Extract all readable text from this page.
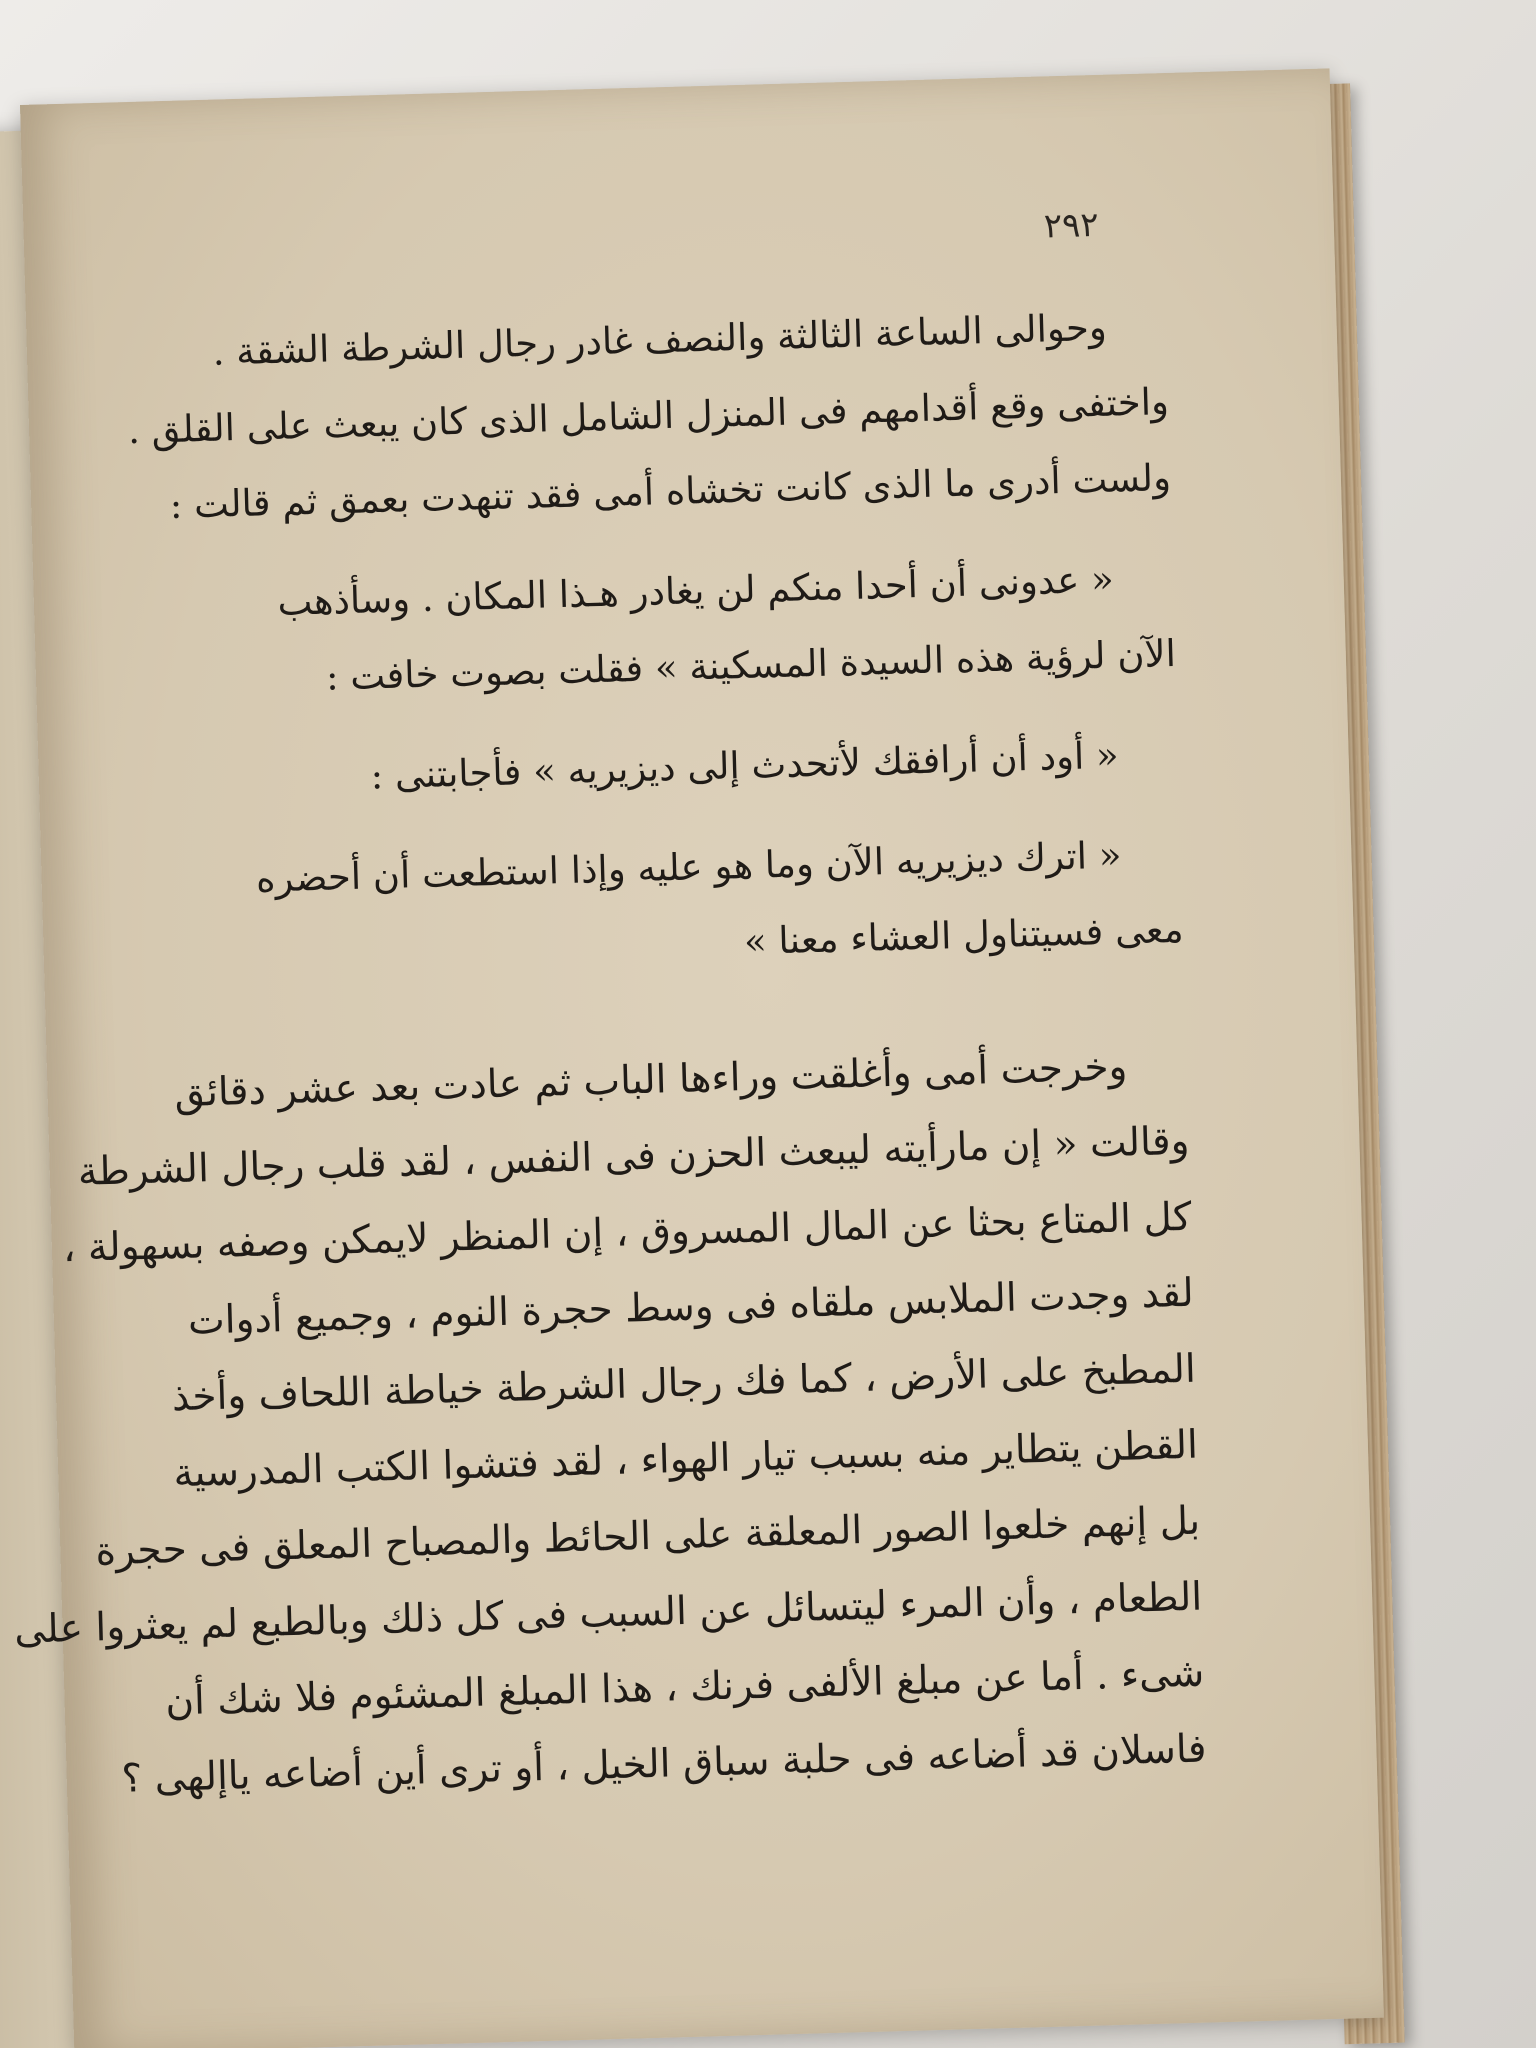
٢٩٢
وحوالى الساعة الثالثة والنصف غادر رجال الشرطة الشقة .
واختفى وقع أقدامهم فى المنزل الشامل الذى كان يبعث على القلق .
ولست أدرى ما الذى كانت تخشاه أمى فقد تنهدت بعمق ثم قالت :
« عدونى أن أحدا منكم لن يغادر هـذا المكان . وسأذهب
الآن لرؤية هذه السيدة المسكينة » فقلت بصوت خافت :
« أود أن أرافقك لأتحدث إلى ديزيريه » فأجابتنى :
« اترك ديزيريه الآن وما هو عليه وإذا استطعت أن أحضره
معى فسيتناول العشاء معنا »
وخرجت أمى وأغلقت وراءها الباب ثم عادت بعد عشر دقائق
وقالت « إن مارأيته ليبعث الحزن فى النفس ، لقد قلب رجال الشرطة
كل المتاع بحثا عن المال المسروق ، إن المنظر لايمكن وصفه بسهولة ،
لقد وجدت الملابس ملقاه فى وسط حجرة النوم ، وجميع أدوات
المطبخ على الأرض ، كما فك رجال الشرطة خياطة اللحاف وأخذ
القطن يتطاير منه بسبب تيار الهواء ، لقد فتشوا الكتب المدرسية
بل إنهم خلعوا الصور المعلقة على الحائط والمصباح المعلق فى حجرة
الطعام ، وأن المرء ليتسائل عن السبب فى كل ذلك وبالطبع لم يعثروا على
شىء . أما عن مبلغ الألفى فرنك ، هذا المبلغ المشئوم فلا شك أن
فاسلان قد أضاعه فى حلبة سباق الخيل ، أو ترى أين أضاعه ياإلهى ؟
